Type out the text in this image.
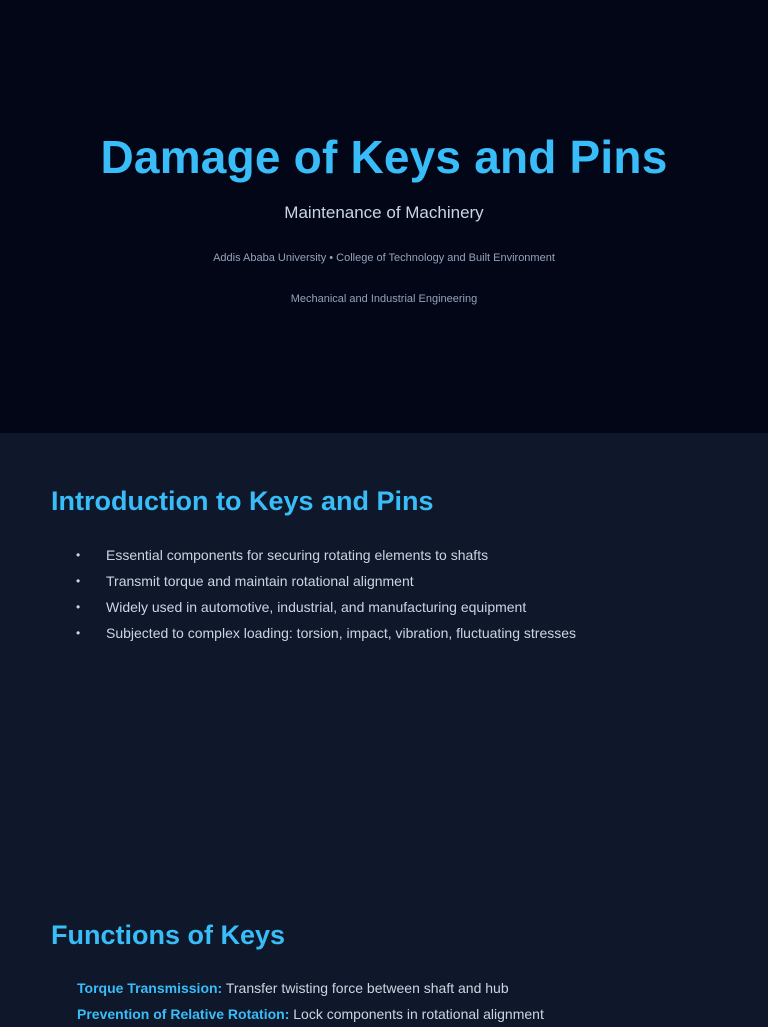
Damage of Keys and Pins
Maintenance of Machinery
Addis Ababa University • College of Technology and Built Environment
Mechanical and Industrial Engineering
Introduction to Keys and Pins
• Essential components for securing rotating elements to shafts
• Transmit torque and maintain rotational alignment
• Widely used in automotive, industrial, and manufacturing equipment
• Subjected to complex loading: torsion, impact, vibration, fluctuating stresses
Functions of Keys
Torque Transmission: Transfer twisting force between shaft and hub
Prevention of Relative Rotation: Lock components in rotational alignment
